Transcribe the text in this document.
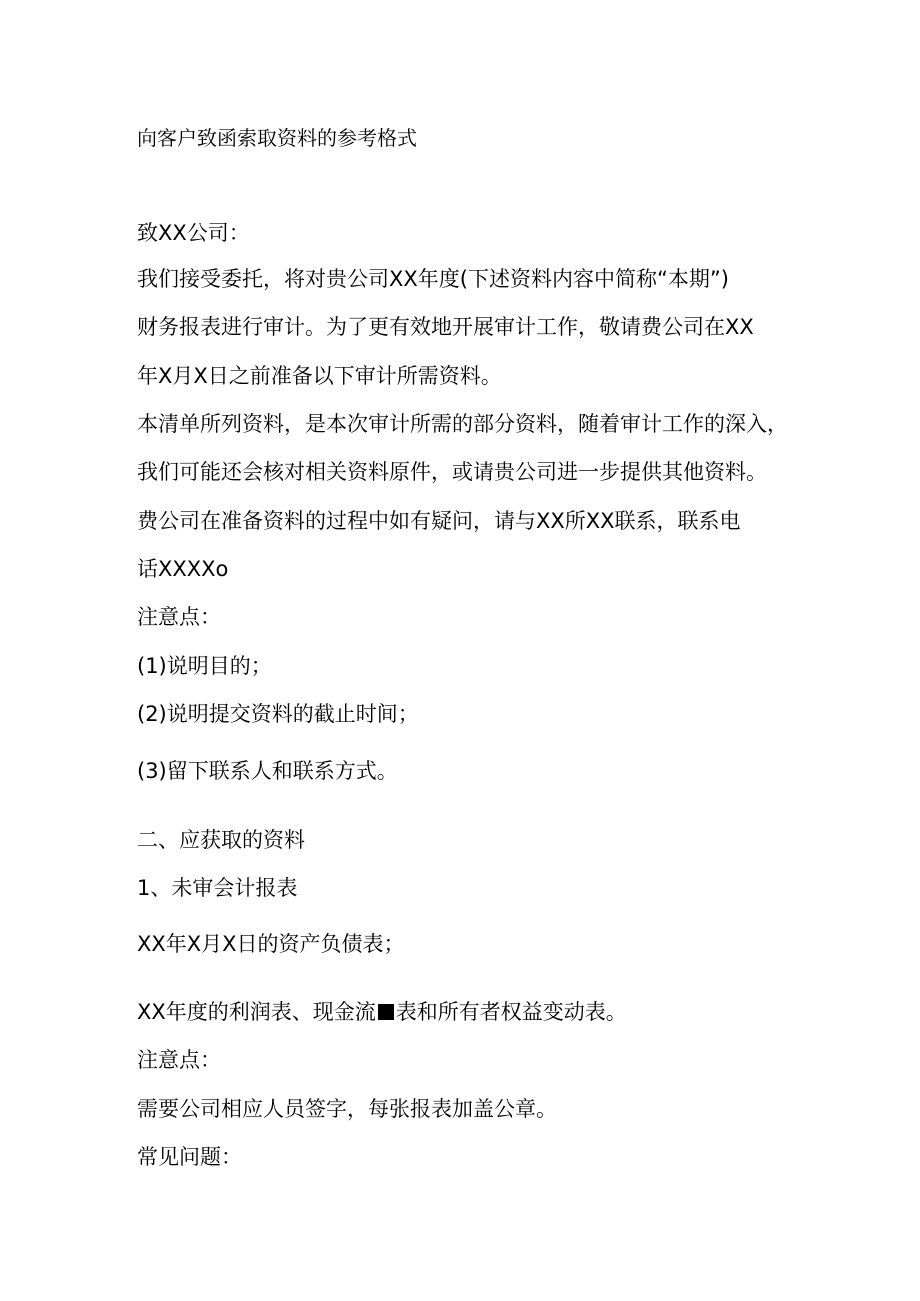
向客户致函索取资料的参考格式

致XX公司：

我们接受委托，将对贵公司XX年度(下述资料内容中简称“本期”)

财务报表进行审计。为了更有效地开展审计工作，敬请费公司在XX

年X月X日之前准备以下审计所需资料。

本清单所列资料，是本次审计所需的部分资料，随着审计工作的深入，

我们可能还会核对相关资料原件，或请贵公司进一步提供其他资料。

费公司在准备资料的过程中如有疑问，请与XX所XX联系，联系电

话XXXXo

注意点：

(1)说明目的；

(2)说明提交资料的截止时间；

(3)留下联系人和联系方式。

二、应获取的资料

1、未审会计报表

XX年X月X日的资产负债表；

XX年度的利润表、现金流 表和所有者权益变动表。

注意点：

需要公司相应人员签字，每张报表加盖公章。

常见问题：
